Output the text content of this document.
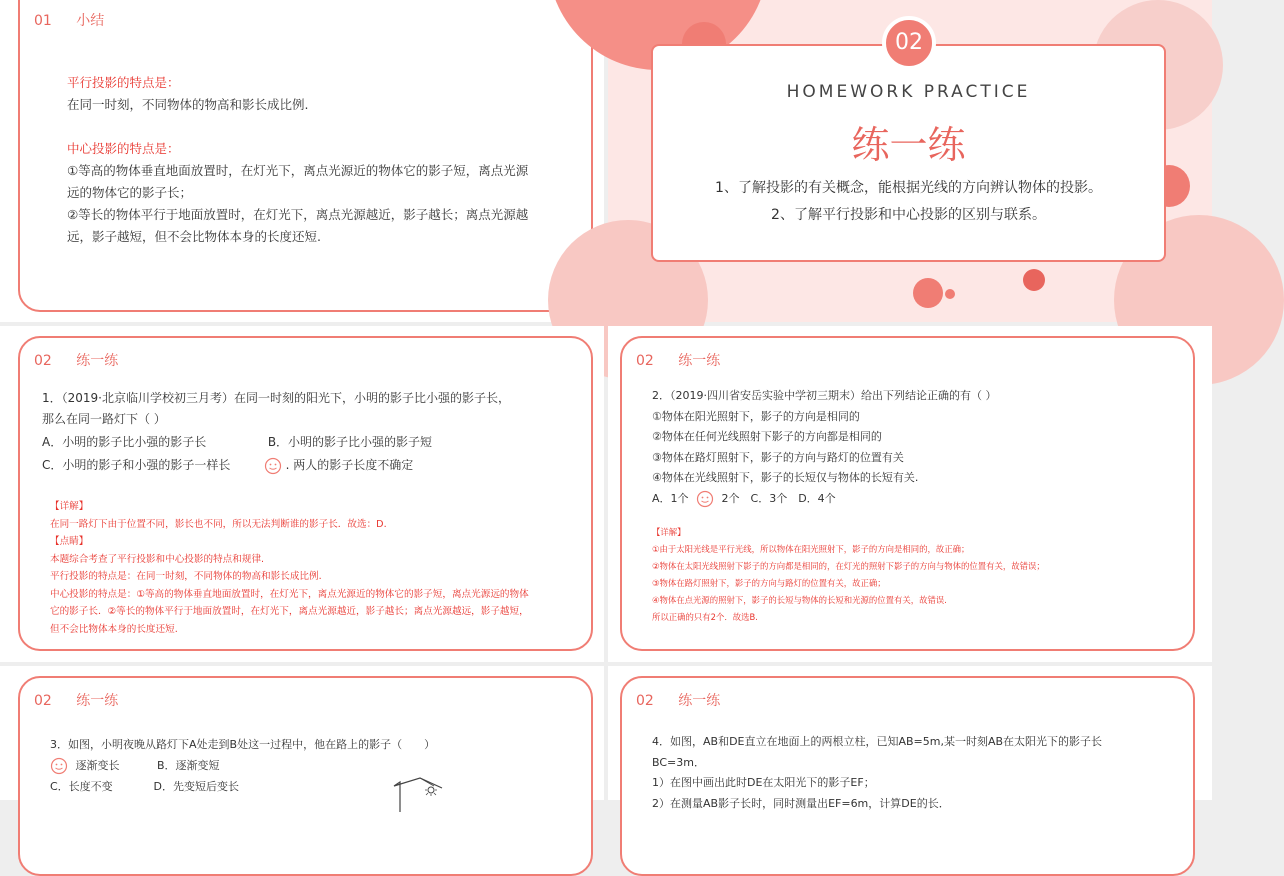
01 小结
平行投影的特点是：
在同一时刻，不同物体的物高和影长成比例.
中心投影的特点是：
①等高的物体垂直地面放置时，在灯光下，离点光源近的物体它的影子短，离点光源
远的物体它的影子长；
②等长的物体平行于地面放置时，在灯光下，离点光源越近，影子越长；离点光源越
远，影子越短，但不会比物体本身的长度还短.
02
HOMEWORK PRACTICE
练一练
1、了解投影的有关概念，能根据光线的方向辨认物体的投影。
2、了解平行投影和中心投影的区别与联系。
02 练一练
1．（2019·北京临川学校初三月考）在同一时刻的阳光下，小明的影子比小强的影子长，
那么在同一路灯下（ ）
A．小明的影子比小强的影子长	B．小明的影子比小强的影子短
C．小明的影子和小强的影子一样长	. 两人的影子长度不确定
【详解】
在同一路灯下由于位置不同，影长也不同，所以无法判断谁的影子长．故选：D.
【点睛】
本题综合考查了平行投影和中心投影的特点和规律.
平行投影的特点是：在同一时刻，不同物体的物高和影长成比例.
中心投影的特点是：①等高的物体垂直地面放置时，在灯光下，离点光源近的物体它的影子短，离点光源远的物体
它的影子长．②等长的物体平行于地面放置时，在灯光下，离点光源越近，影子越长；离点光源越远，影子越短，
但不会比物体本身的长度还短.
02 练一练
2．（2019·四川省安岳实验中学初三期末）给出下列结论正确的有（ ）
①物体在阳光照射下，影子的方向是相同的
②物体在任何光线照射下影子的方向都是相同的
③物体在路灯照射下，影子的方向与路灯的位置有关
④物体在光线照射下，影子的长短仅与物体的长短有关.
A．1个	2个　C．3个　D．4个
【详解】
①由于太阳光线是平行光线，所以物体在阳光照射下，影子的方向是相同的，故正确；
②物体在太阳光线照射下影子的方向都是相同的，在灯光的照射下影子的方向与物体的位置有关，故错误；
③物体在路灯照射下，影子的方向与路灯的位置有关，故正确；
④物体在点光源的照射下，影子的长短与物体的长短和光源的位置有关，故错误.
所以正确的只有2个．故选B.
02 练一练
3．如图，小明夜晚从路灯下A处走到B处这一过程中，他在路上的影子（　　）
逐渐变长	B．逐渐变短
C．长度不变	D．先变短后变长
02 练一练
4．如图，AB和DE直立在地面上的两根立柱，已知AB=5m,某一时刻AB在太阳光下的影子长
BC=3m．
1）在图中画出此时DE在太阳光下的影子EF；
2）在测量AB影子长时，同时测量出EF=6m，计算DE的长．
